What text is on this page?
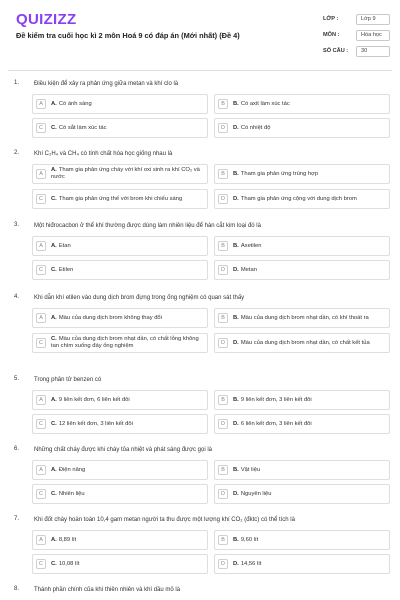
QUIZIZZ
Đề kiểm tra cuối học kì 2 môn Hoá 9 có đáp án (Mới nhất) (Đề 4)
LỚP :	Lớp 9
MÔN :	Hóa học
SỐ CÂU :	30
1. Điều kiện để xảy ra phản ứng giữa metan và khí clo là
A	A. Có ánh sáng	B	B. Có axit làm xúc tác
C	C. Có sắt làm xúc tác	D	D. Có nhiệt độ
2. Khí C₂H₄ và CH₄ có tính chất hóa học giống nhau là
A
A. Tham gia phản ứng cháy với khí oxi sinh ra khí CO₂ và nước	B	B. Tham gia phản ứng trùng hợp
C	C. Tham gia phản ứng thế với brom khi chiếu sáng	D	D. Tham gia phản ứng cộng với dung dịch brom
3. Một hiđrocacbon ở thể khí thường được dùng làm nhiên liệu để hàn cắt kim loại đó là
A	A. Etan	B	B. Axetilen
C	C. Etilen	D	D. Metan
4. Khi dẫn khí etilen vào dung dịch brom đựng trong ống nghiệm có quan sát thấy
A	A. Màu của dung dịch brom không thay đổi	B	B. Màu của dung dịch brom nhạt dần, có khí thoát ra
C
C. Màu của dung dịch brom nhạt dần, có chất lỏng không tan chìm xuống đáy ống nghiệm	D	D. Màu của dung dịch brom nhạt dần, có chất kết tủa
5. Trong phân tử benzen có
A	A. 9 liên kết đơn, 6 liên kết đôi	B	B. 9 liên kết đơn, 3 liên kết đôi
C	C. 12 liên kết đơn, 3 liên kết đôi	D	D. 6 liên kết đơn, 3 liên kết đôi
6. Những chất cháy được khi cháy tỏa nhiệt và phát sáng được gọi là
A	A. Điện năng	B	B. Vật liệu
C	C. Nhiên liệu	D	D. Nguyên liệu
7. Khi đốt cháy hoàn toàn 10,4 gam metan người ta thu được một lượng khí CO₂ (đktc) có thể tích là
A	A. 8,89 lít	B	B. 9,60 lít
C	C. 10,08 lít	D	D. 14,56 lít
8. Thành phần chính của khí thiên nhiên và khí dầu mỏ là
